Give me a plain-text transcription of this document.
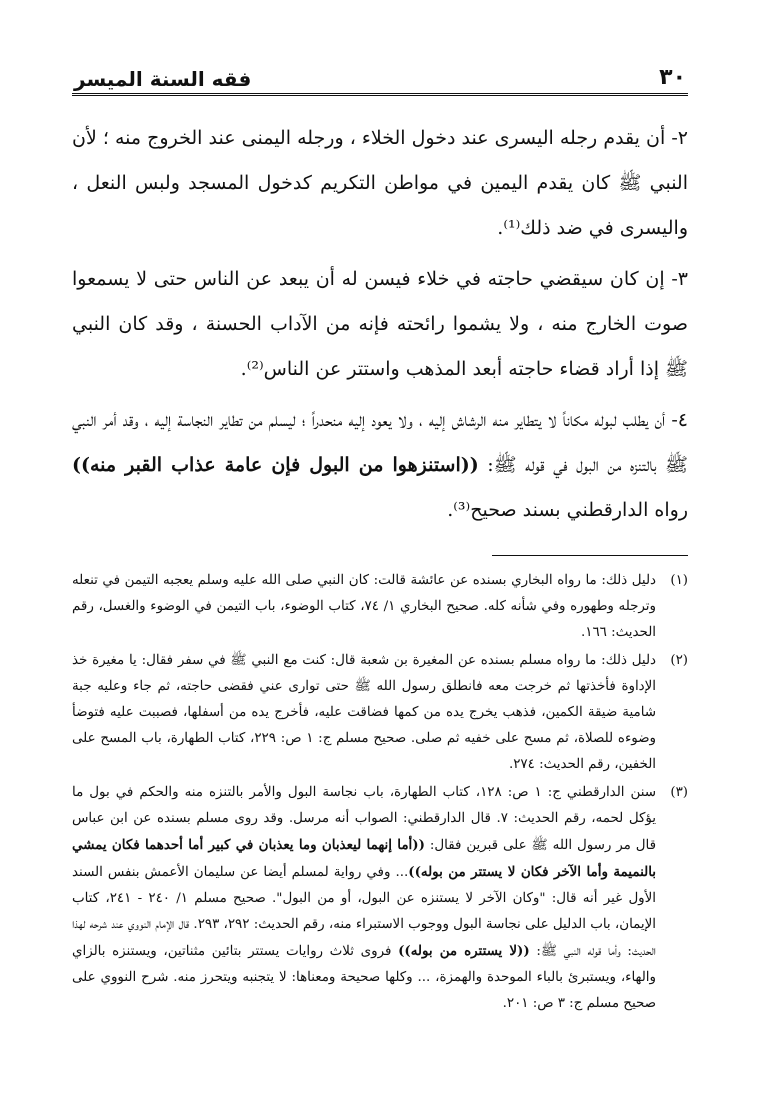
٣٠
فقه السنة الميسر

٢- أن يقدم رجله اليسرى عند دخول الخلاء ، ورجله اليمنى عند الخروج منه ؛ لأن النبي ﷺ كان يقدم اليمين في مواطن التكريم كدخول المسجد ولبس النعل ، واليسرى في ضد ذلك⁽¹⁾.

٣- إن كان سيقضي حاجته في خلاء فيسن له أن يبعد عن الناس حتى لا يسمعوا صوت الخارج منه ، ولا يشموا رائحته فإنه من الآداب الحسنة ، وقد كان النبي ﷺ إذا أراد قضاء حاجته أبعد المذهب واستتر عن الناس⁽²⁾.

٤- أن يطلب لبوله مكاناً لا يتطاير منه الرشاش إليه ، ولا يعود إليه منحدراً ؛ ليسلم من تطاير النجاسة إليه ، وقد أمر النبي ﷺ بالتنزه من البول في قوله ﷺ: ((استنزهوا من البول فإن عامة عذاب القبر منه)) رواه الدارقطني بسند صحيح⁽³⁾.

(١)
دليل ذلك: ما رواه البخاري بسنده عن عائشة قالت: كان النبي صلى الله عليه وسلم يعجبه التيمن في تنعله وترجله وطهوره وفي شأنه كله. صحيح البخاري ١/ ٧٤، كتاب الوضوء، باب التيمن في الوضوء والغسل، رقم الحديث: ١٦٦.
(٢)
دليل ذلك: ما رواه مسلم بسنده عن المغيرة بن شعبة قال: كنت مع النبي ﷺ في سفر فقال: يا مغيرة خذ الإداوة فأخذتها ثم خرجت معه فانطلق رسول الله ﷺ حتى توارى عني فقضى حاجته، ثم جاء وعليه جبة شامية ضيقة الكمين، فذهب يخرج يده من كمها فضاقت عليه، فأخرج يده من أسفلها، فصببت عليه فتوضأ وضوءه للصلاة، ثم مسح على خفيه ثم صلى. صحيح مسلم ج: ١ ص: ٢٢٩، كتاب الطهارة، باب المسح على الخفين، رقم الحديث: ٢٧٤.
(٣)
سنن الدارقطني ج: ١ ص: ١٢٨، كتاب الطهارة، باب نجاسة البول والأمر بالتنزه منه والحكم في بول ما يؤكل لحمه، رقم الحديث: ٧. قال الدارقطني: الصواب أنه مرسل. وقد روى مسلم بسنده عن ابن عباس قال مر رسول الله ﷺ على قبرين فقال: ((أما إنهما ليعذبان وما يعذبان في كبير أما أحدهما فكان يمشي بالنميمة وأما الآخر فكان لا يستتر من بوله))... وفي رواية لمسلم أيضا عن سليمان الأعمش بنفس السند الأول غير أنه قال: "وكان الآخر لا يستنزه عن البول، أو من البول". صحيح مسلم ١/ ٢٤٠ - ٢٤١، كتاب الإيمان، باب الدليل على نجاسة البول ووجوب الاستبراء منه، رقم الحديث: ٢٩٢، ٢٩٣. قال الإمام النووي عند شرحه لهذا الحديث: وأما قوله النبي ﷺ: ((لا يستتره من بوله)) فروى ثلاث روايات يستتر بتائين مثناتين، ويستنزه بالزاي والهاء، ويستبرئ بالباء الموحدة والهمزة، ... وكلها صحيحة ومعناها: لا يتجنبه ويتحرز منه. شرح النووي على صحيح مسلم ج: ٣ ص: ٢٠١.
